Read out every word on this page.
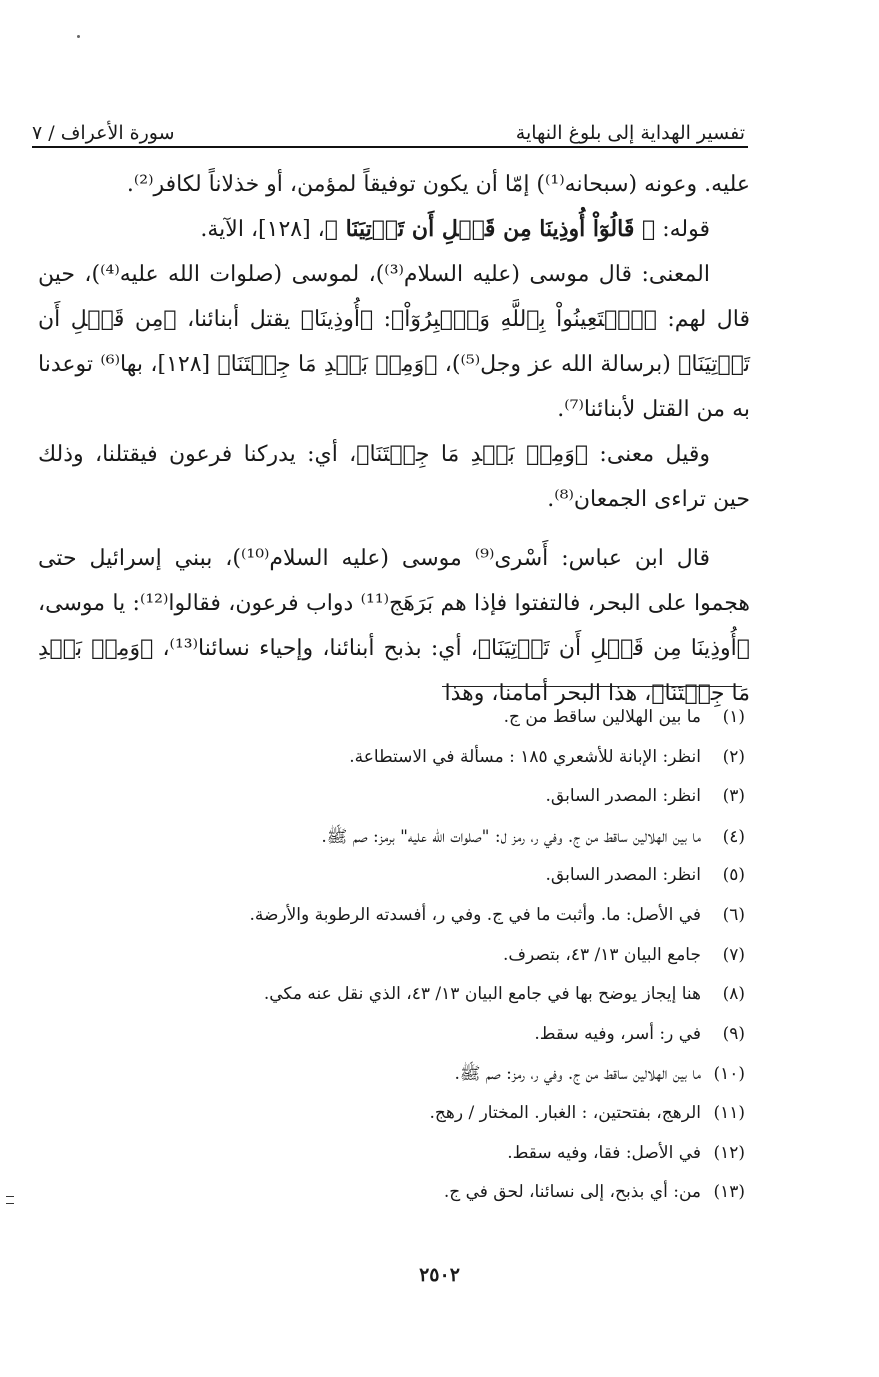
تفسير الهداية إلى بلوغ النهاية
سورة الأعراف / ٧

عليه. وعونه (سبحانه⁽¹⁾) إمّا أن يكون توفيقاً لمؤمن، أو خذلاناً لكافر⁽²⁾.

قوله: ﴿ قَالُوٓاْ أُوذِينَا مِن قَبۡلِ أَن تَأۡتِيَنَا ﴾، [١٢٨]، الآية.

المعنى: قال موسى (عليه السلام⁽³⁾)، لموسى (صلوات الله عليه⁽⁴⁾)، حين قال لهم: ﴿ٱسۡتَعِينُواْ بِٱللَّهِ وَٱصۡبِرُوٓاْ﴾: ﴿أُوذِينَا﴾ يقتل أبنائنا، ﴿مِن قَبۡلِ أَن تَأۡتِيَنَا﴾ (برسالة الله عز وجل⁽⁵⁾)، ﴿وَمِنۢ بَعۡدِ مَا جِئۡتَنَا﴾ [١٢٨]، بها⁽⁶⁾ توعدنا به من القتل لأبنائنا⁽⁷⁾.

وقيل معنى: ﴿وَمِنۢ بَعۡدِ مَا جِئۡتَنَا﴾، أي: يدركنا فرعون فيقتلنا، وذلك حين تراءى الجمعان⁽⁸⁾.

قال ابن عباس: أَسْرى⁽⁹⁾ موسى (عليه السلام⁽¹⁰⁾)، ببني إسرائيل حتى هجموا على البحر، فالتفتوا فإذا هم بَرَهَج⁽¹¹⁾ دواب فرعون، فقالوا⁽¹²⁾: يا موسى، ﴿أُوذِينَا مِن قَبۡلِ أَن تَأۡتِيَنَا﴾، أي: بذبح أبنائنا، وإحياء نسائنا⁽¹³⁾، ﴿وَمِنۢ بَعۡدِ مَا جِئۡتَنَا﴾، هذا البحر أمامنا، وهذا

(١)
ما بين الهلالين ساقط من ج.
(٢)
انظر: الإبانة للأشعري ١٨٥ : مسألة في الاستطاعة.
(٣)
انظر: المصدر السابق.
(٤)
ما بين الهلالين ساقط من ج. وفي ر، رمز ل: "صلوات الله عليه" برمز: صم ﷺ.
(٥)
انظر: المصدر السابق.
(٦)
في الأصل: ما. وأثبت ما في ج. وفي ر، أفسدته الرطوبة والأرضة.
(٧)
جامع البيان ١٣/ ٤٣، بتصرف.
(٨)
هنا إيجاز يوضح بها في جامع البيان ١٣/ ٤٣، الذي نقل عنه مكي.
(٩)
في ر: أسر، وفيه سقط.
(١٠)
ما بين الهلالين ساقط من ج. وفي ر، رمز: صم ﷺ.
(١١)
الرهج، بفتحتين، : الغبار. المختار / رهج.
(١٢)
في الأصل: فقا، وفيه سقط.
(١٣)
من: أي بذبح، إلى نسائنا، لحق في ج.
٢٥٠٢
